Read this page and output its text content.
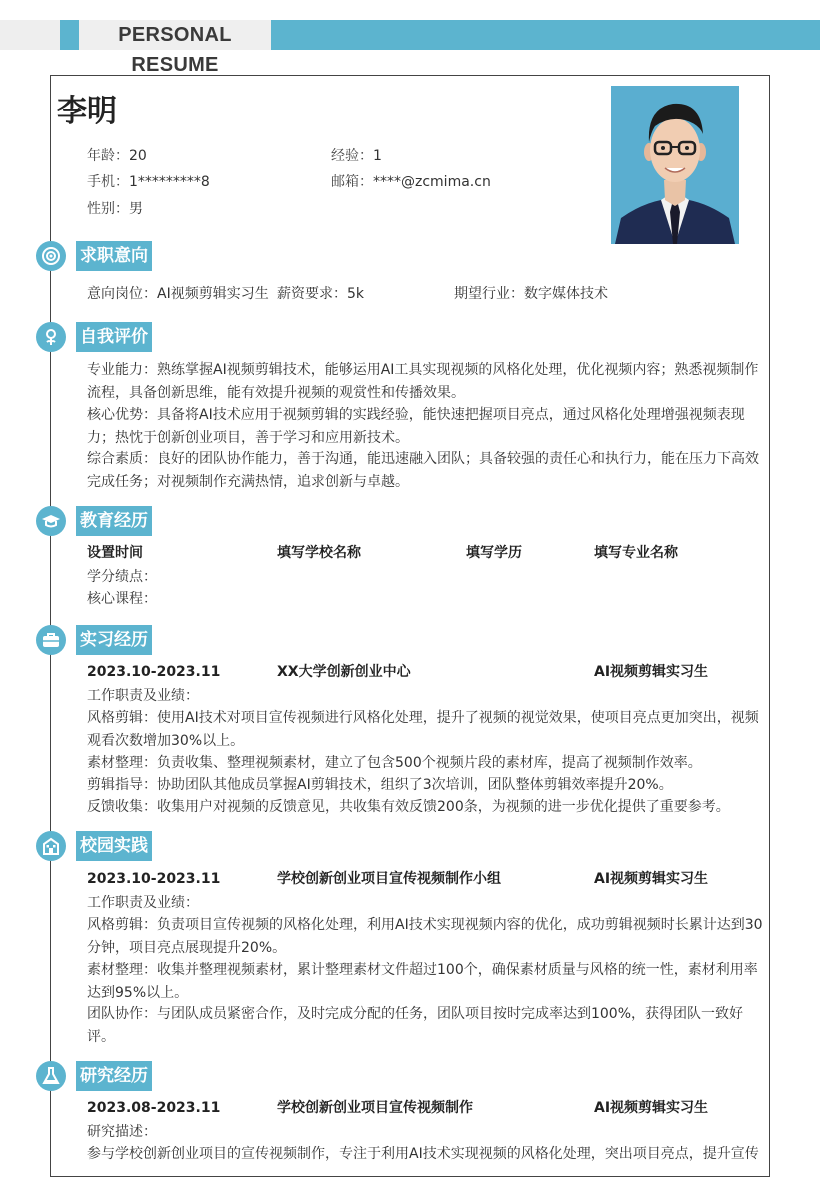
PERSONAL RESUME
李明
年龄：20	经验：1
手机：1*********8	邮箱：****@zcmima.cn
性别：男
求职意向
意向岗位：AI视频剪辑实习生 薪资要求：5k	期望行业：数字媒体技术
自我评价
专业能力：熟练掌握AI视频剪辑技术，能够运用AI工具实现视频的风格化处理，优化视频内容；熟悉视频制作流程，具备创新思维，能有效提升视频的观赏性和传播效果。
核心优势：具备将AI技术应用于视频剪辑的实践经验，能快速把握项目亮点，通过风格化处理增强视频表现力；热忱于创新创业项目，善于学习和应用新技术。
综合素质：良好的团队协作能力，善于沟通，能迅速融入团队；具备较强的责任心和执行力，能在压力下高效完成任务；对视频制作充满热情，追求创新与卓越。
教育经历
设置时间	填写学校名称	填写学历	填写专业名称
学分绩点：
核心课程：
实习经历
2023.10-2023.11	XX大学创新创业中心	AI视频剪辑实习生
工作职责及业绩：
风格剪辑：使用AI技术对项目宣传视频进行风格化处理，提升了视频的视觉效果，使项目亮点更加突出，视频观看次数增加30%以上。
素材整理：负责收集、整理视频素材，建立了包含500个视频片段的素材库，提高了视频制作效率。
剪辑指导：协助团队其他成员掌握AI剪辑技术，组织了3次培训，团队整体剪辑效率提升20%。
反馈收集：收集用户对视频的反馈意见，共收集有效反馈200条，为视频的进一步优化提供了重要参考。
校园实践
2023.10-2023.11	学校创新创业项目宣传视频制作小组	AI视频剪辑实习生
工作职责及业绩：
风格剪辑：负责项目宣传视频的风格化处理，利用AI技术实现视频内容的优化，成功剪辑视频时长累计达到30分钟，项目亮点展现提升20%。
素材整理：收集并整理视频素材，累计整理素材文件超过100个，确保素材质量与风格的统一性，素材利用率达到95%以上。
团队协作：与团队成员紧密合作，及时完成分配的任务，团队项目按时完成率达到100%，获得团队一致好评。
研究经历
2023.08-2023.11	学校创新创业项目宣传视频制作	AI视频剪辑实习生
研究描述：
参与学校创新创业项目的宣传视频制作，专注于利用AI技术实现视频的风格化处理，突出项目亮点，提升宣传
